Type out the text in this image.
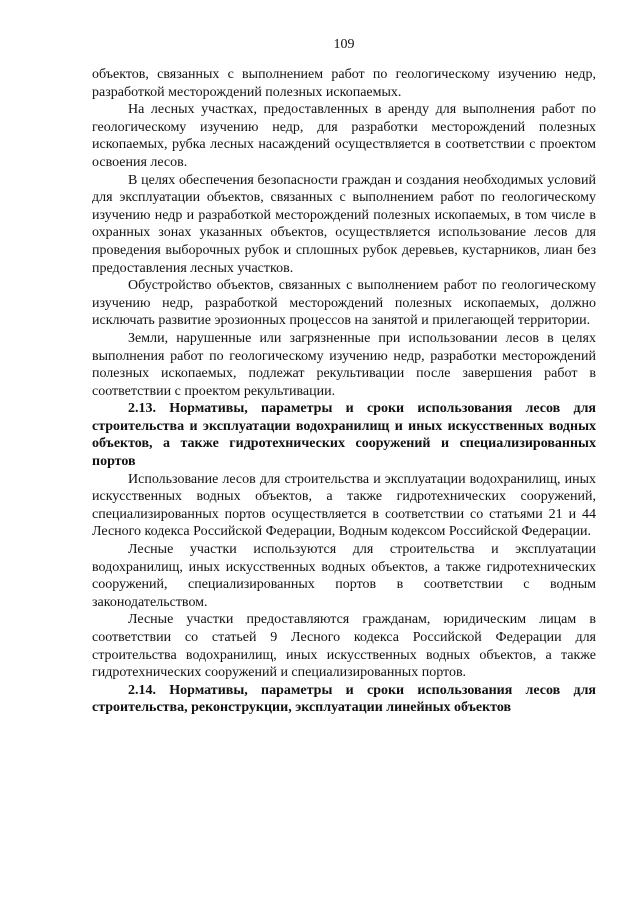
109

объектов, связанных с выполнением работ по геологическому изучению недр, разработкой месторождений полезных ископаемых.

На лесных участках, предоставленных в аренду для выполнения работ по геологическому изучению недр, для разработки месторождений полезных ископаемых, рубка лесных насаждений осуществляется в соответствии с проектом освоения лесов.

В целях обеспечения безопасности граждан и создания необходимых условий для эксплуатации объектов, связанных с выполнением работ по геологическому изучению недр и разработкой месторождений полезных ископаемых, в том числе в охранных зонах указанных объектов, осуществляется использование лесов для проведения выборочных рубок и сплошных рубок деревьев, кустарников, лиан без предоставления лесных участков.

Обустройство объектов, связанных с выполнением работ по геологическому изучению недр, разработкой месторождений полезных ископаемых, должно исключать развитие эрозионных процессов на занятой и прилегающей территории.

Земли, нарушенные или загрязненные при использовании лесов в целях выполнения работ по геологическому изучению недр, разработки месторождений полезных ископаемых, подлежат рекультивации после завершения работ в соответствии с проектом рекультивации.

2.13. Нормативы, параметры и сроки использования лесов для строительства и эксплуатации водохранилищ и иных искусственных водных объектов, а также гидротехнических сооружений и специализированных портов

Использование лесов для строительства и эксплуатации водохранилищ, иных искусственных водных объектов, а также гидротехнических сооружений, специализированных портов осуществляется в соответствии со статьями 21 и 44 Лесного кодекса Российской Федерации, Водным кодексом Российской Федерации.

Лесные участки используются для строительства и эксплуатации водохранилищ, иных искусственных водных объектов, а также гидротехнических сооружений, специализированных портов в соответствии с водным законодательством.

Лесные участки предоставляются гражданам, юридическим лицам в соответствии со статьей 9 Лесного кодекса Российской Федерации для строительства водохранилищ, иных искусственных водных объектов, а также гидротехнических сооружений и специализированных портов.

2.14. Нормативы, параметры и сроки использования лесов для строительства, реконструкции, эксплуатации линейных объектов
